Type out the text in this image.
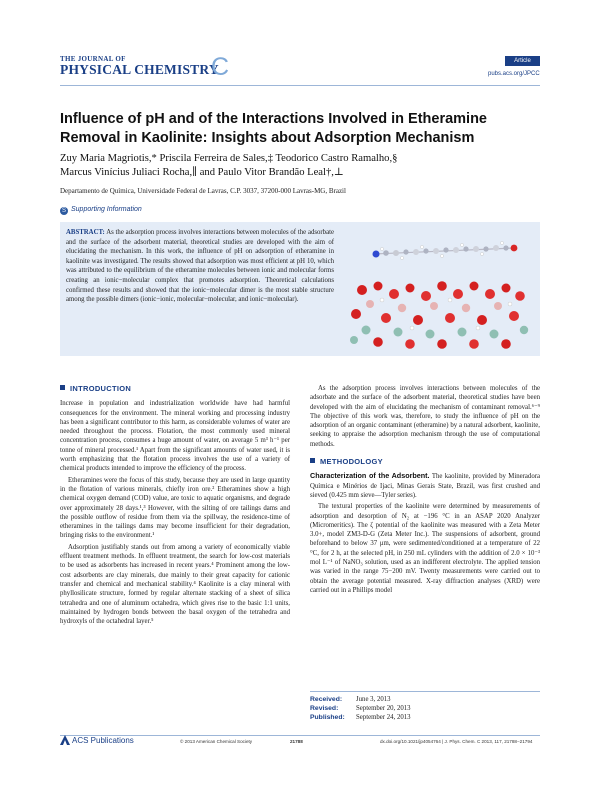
THE JOURNAL OF
PHYSICAL CHEMISTRY
C	Article
pubs.acs.org/JPCC
Influence of pH and of the Interactions Involved in Etheramine Removal in Kaolinite: Insights about Adsorption Mechanism
Zuy Maria Magriotis,* Priscila Ferreira de Sales,‡ Teodorico Castro Ramalho,§
Marcus Vinícius Juliaci Rocha,∥ and Paulo Vitor Brandão Leal†,⊥
Departamento de Química, Universidade Federal de Lavras, C.P. 3037, 37200-000 Lavras-MG, Brazil
S Supporting Information
ABSTRACT: As the adsorption process involves interactions between molecules of the adsorbate and the surface of the adsorbent material, theoretical studies are developed with the aim of elucidating the mechanism. In this work, the influence of pH on adsorption of etheramine in kaolinite was investigated. The results showed that adsorption was most efficient at pH 10, which was attributed to the equilibrium of the etheramine molecules between ionic and molecular forms creating an ionic−molecular complex that promotes adsorption. Theoretical calculations confirmed these results and showed that the ionic−molecular dimer is the most stable structure among the possible dimers (ionic−ionic, molecular−molecular, and ionic−molecular).
INTRODUCTION

Increase in population and industrialization worldwide have had harmful consequences for the environment. The mineral working and processing industry has been a significant contributor to this harm, as considerable volumes of water are needed throughout the process. Flotation, the most commonly used mineral concentration process, consumes a huge amount of water, on average 5 m³ h⁻¹ per tonne of mineral processed.¹ Apart from the significant amounts of water used, it is worth emphasizing that the flotation process involves the use of a variety of chemical products intended to improve the efficiency of the process.

Etheramines were the focus of this study, because they are used in large quantity in the flotation of various minerals, chiefly iron ore.² Etheramines show a high chemical oxygen demand (COD) value, are toxic to aquatic organisms, and degrade over approximately 28 days.¹,³ However, with the silting of ore tailings dams and the possible outflow of residue from them via the spillway, the residence-time of etheramines in the tailings dams may become insufficient for their degradation, bringing risks to the environment.¹

Adsorption justifiably stands out from among a variety of economically viable effluent treatment methods. In effluent treatment, the search for low-cost materials to be used as adsorbents has increased in recent years.⁴ Prominent among the low-cost adsorbents are clay minerals, due mainly to their great capacity for cationic transfer and chemical and mechanical stability.⁴ Kaolinite is a clay mineral with phyllosilicate structure, formed by regular alternate stacking of a sheet of silica tetrahedra and one of aluminum octahedra, which gives rise to the basic 1:1 units, maintained by hydrogen bonds between the basal oxygen of the tetrahedra and hydroxyls of the octahedral layer.⁵

As the adsorption process involves interactions between molecules of the adsorbate and the surface of the adsorbent material, theoretical studies have been developed with the aim of elucidating the mechanism of contaminant removal.⁶⁻⁹ The objective of this work was, therefore, to study the influence of pH on the adsorption of an organic contaminant (etheramine) by a natural adsorbent, kaolinite, seeking to appraise the adsorption mechanism through the use of computational methods.

METHODOLOGY

Characterization of the Adsorbent. The kaolinite, provided by Mineradora Química e Minérios de Ijaci, Minas Gerais State, Brazil, was first crushed and sieved (0.425 mm sieve—Tyler series).

The textural properties of the kaolinite were determined by measurements of adsorption and desorption of N₂ at −196 °C in an ASAP 2020 Analyzer (Micromeritics). The ζ potential of the kaolinite was measured with a Zeta Meter 3.0+, model ZM3-D-G (Zeta Meter Inc.). The suspensions of adsorbent, ground beforehand to below 37 μm, were sedimented/conditioned at a temperature of 22 °C, for 2 h, at the selected pH, in 250 mL cylinders with the addition of 2.0 × 10⁻³ mol L⁻¹ of NaNO₃ solution, used as an indifferent electrolyte. The applied tension was varied in the range 75−200 mV. Twenty measurements were carried out to obtain the average potential measured. X-ray diffraction analyses (XRD) were carried out in a Phillips model

Received: June 3, 2013
Revised:	September 20, 2013
Published: September 24, 2013
ACS Publications	© 2013 American Chemical Society	21788	dx.doi.org/10.1021/jp4054764 | J. Phys. Chem. C 2013, 117, 21788−21794
